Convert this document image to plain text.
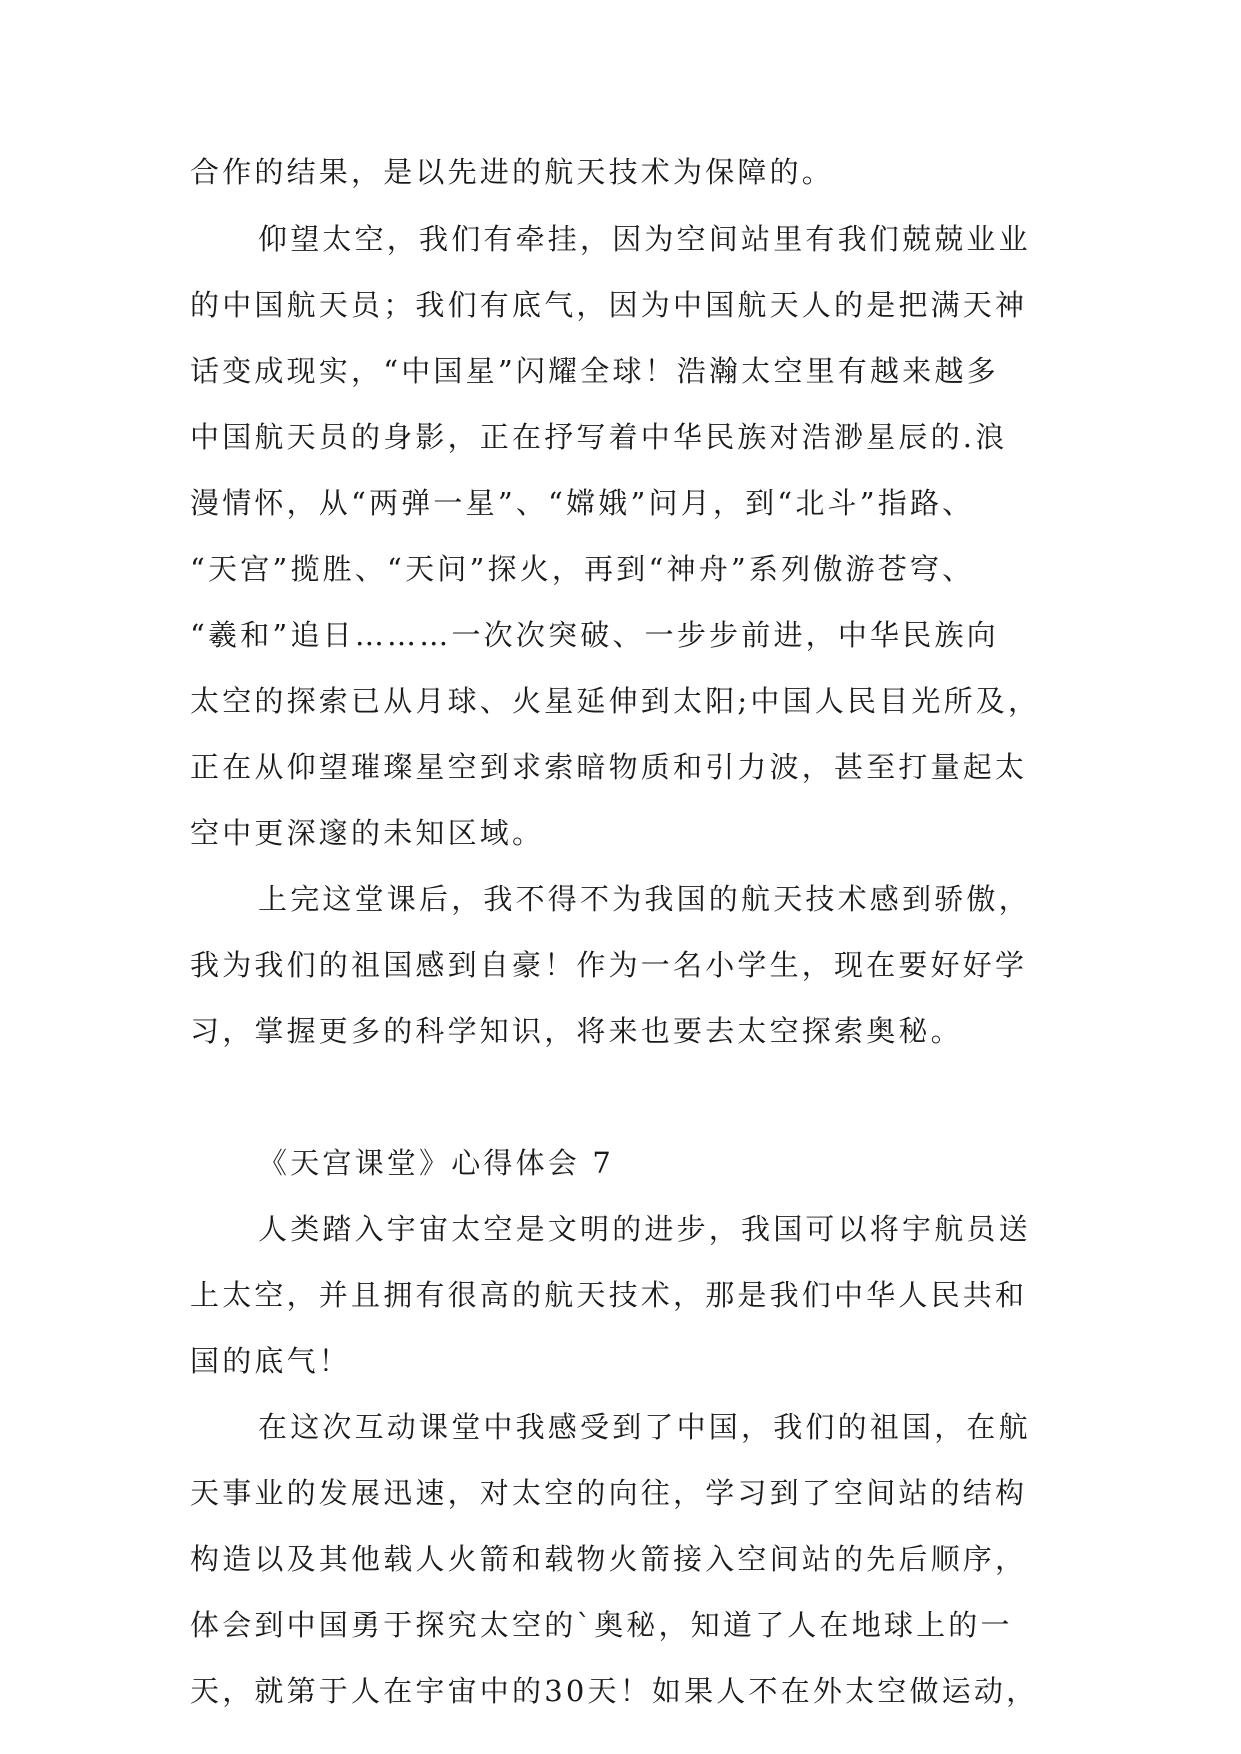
合作的结果，是以先进的航天技术为保障的。
仰望太空，我们有牵挂，因为空间站里有我们兢兢业业
的中国航天员；我们有底气，因为中国航天人的是把满天神
话变成现实，“中国星”闪耀全球！浩瀚太空里有越来越多
中国航天员的身影，正在抒写着中华民族对浩渺星辰的.浪
漫情怀，从“两弹一星”、“嫦娥”问月，到“北斗”指路、
“天宫”揽胜、“天问”探火，再到“神舟”系列傲游苍穹、
“羲和”追日………一次次突破、一步步前进，中华民族向
太空的探索已从月球、火星延伸到太阳;中国人民目光所及，
正在从仰望璀璨星空到求索暗物质和引力波，甚至打量起太
空中更深邃的未知区域。
上完这堂课后，我不得不为我国的航天技术感到骄傲，
我为我们的祖国感到自豪！作为一名小学生，现在要好好学
习，掌握更多的科学知识，将来也要去太空探索奥秘。
《天宫课堂》心得体会 7
人类踏入宇宙太空是文明的进步，我国可以将宇航员送
上太空，并且拥有很高的航天技术，那是我们中华人民共和
国的底气！
在这次互动课堂中我感受到了中国，我们的祖国，在航
天事业的发展迅速，对太空的向往，学习到了空间站的结构
构造以及其他载人火箭和载物火箭接入空间站的先后顺序，
体会到中国勇于探究太空的`奥秘，知道了人在地球上的一
天，就第于人在宇宙中的30天！如果人不在外太空做运动，
